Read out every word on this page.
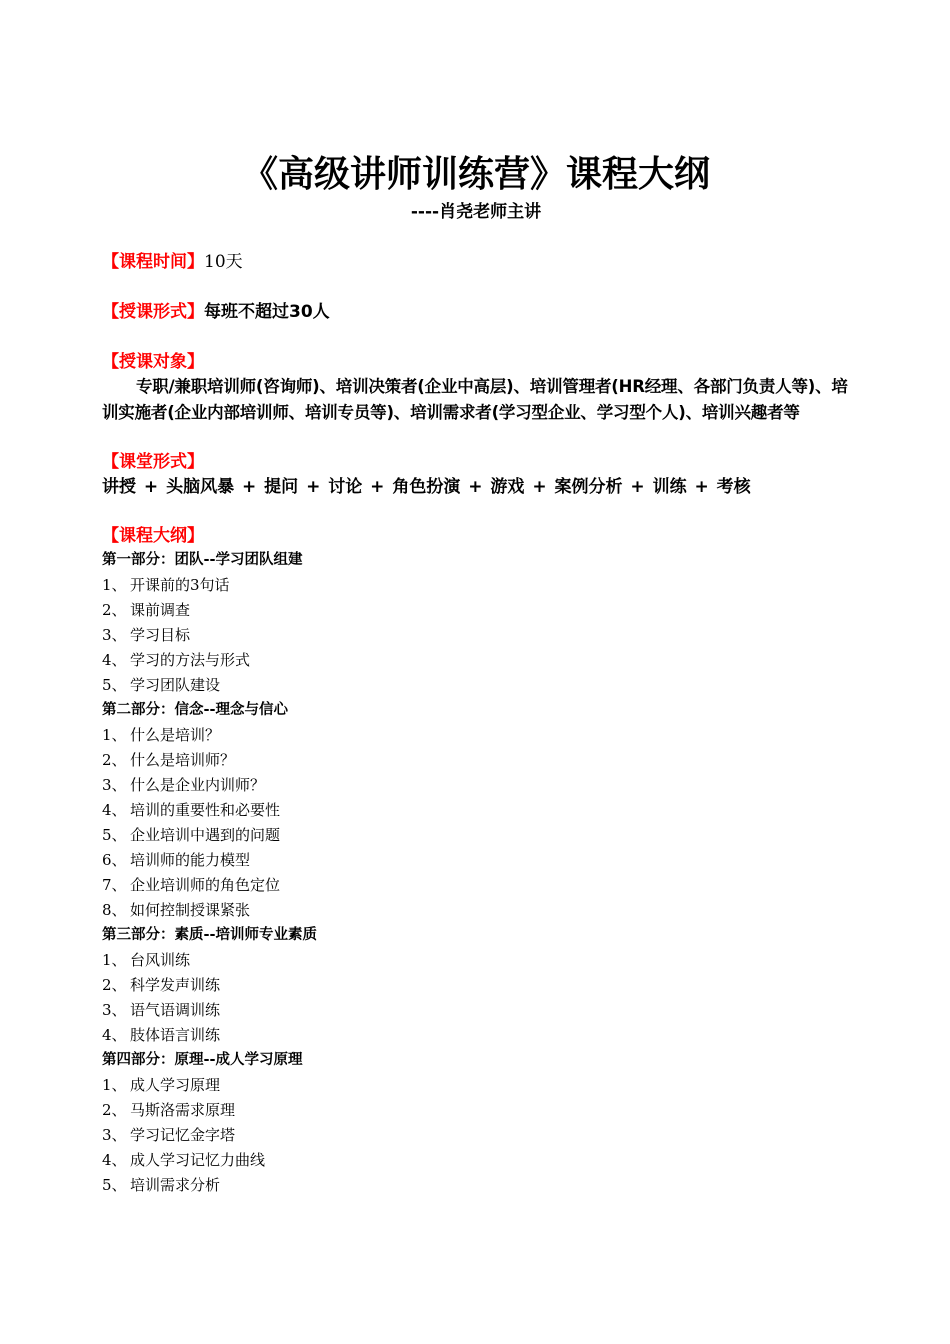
《高级讲师训练营》课程大纲
----肖尧老师主讲
【课程时间】10天
【授课形式】每班不超过30人
【授课对象】
专职/兼职培训师(咨询师)、培训决策者(企业中高层)、培训管理者(HR经理、各部门负责人等)、培训实施者(企业内部培训师、培训专员等)、培训需求者(学习型企业、学习型个人)、培训兴趣者等
【课堂形式】
讲授 + 头脑风暴 + 提问 + 讨论 + 角色扮演 + 游戏 + 案例分析 + 训练 + 考核
【课程大纲】
第一部分：团队--学习团队组建
1、 开课前的3句话
2、 课前调查
3、 学习目标
4、 学习的方法与形式
5、 学习团队建设
第二部分：信念--理念与信心
1、 什么是培训？
2、 什么是培训师？
3、 什么是企业内训师？
4、 培训的重要性和必要性
5、 企业培训中遇到的问题
6、 培训师的能力模型
7、 企业培训师的角色定位
8、 如何控制授课紧张
第三部分：素质--培训师专业素质
1、 台风训练
2、 科学发声训练
3、 语气语调训练
4、 肢体语言训练
第四部分：原理--成人学习原理
1、 成人学习原理
2、 马斯洛需求原理
3、 学习记忆金字塔
4、 成人学习记忆力曲线
5、 培训需求分析
